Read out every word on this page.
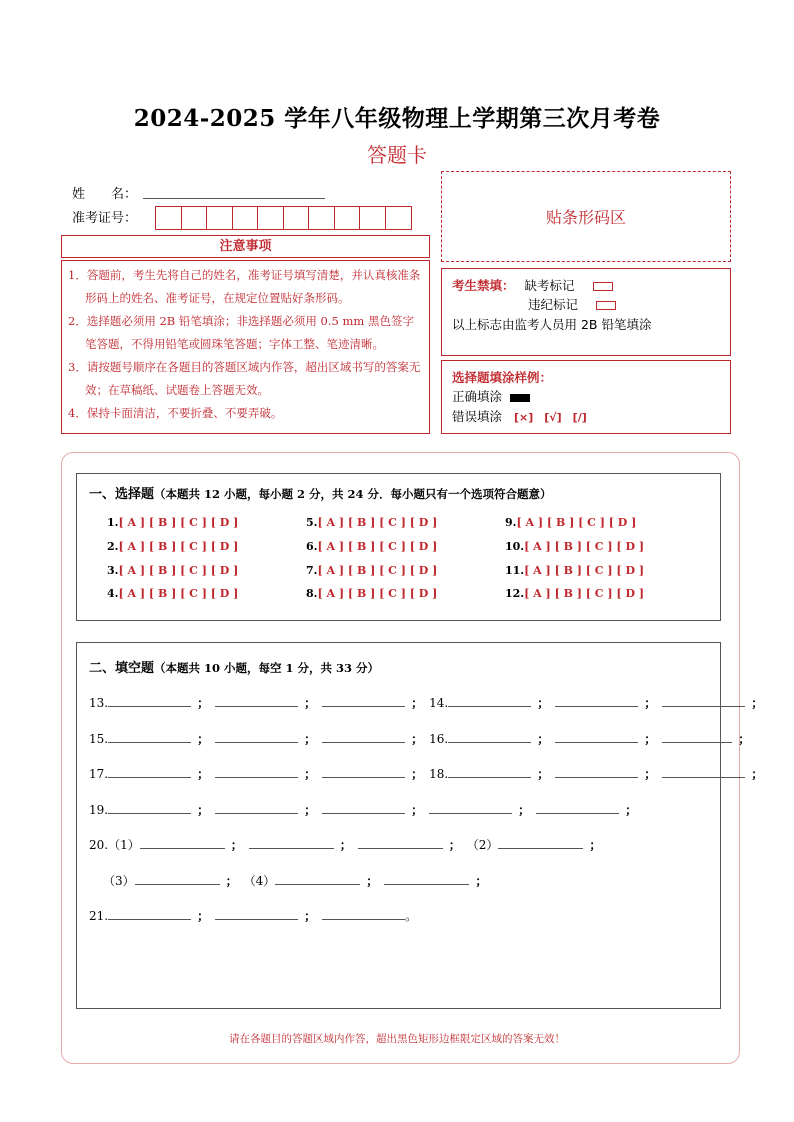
2024-2025 学年八年级物理上学期第三次月考卷
答题卡
姓　　名：
准考证号：	贴条形码区
注意事项

1．答题前，考生先将自己的姓名，准考证号填写清楚，并认真核准条形码上的姓名、准考证号，在规定位置贴好条形码。

2．选择题必须用 2B 铅笔填涂；非选择题必须用 0.5 mm 黑色签字笔答题，不得用铅笔或圆珠笔答题；字体工整、笔迹清晰。

3．请按题号顺序在各题目的答题区域内作答，超出区域书写的答案无效；在草稿纸、试题卷上答题无效。

4．保持卡面清洁，不要折叠、不要弄破。

考生禁填： 缺考标记
违纪标记
以上标志由监考人员用 2B 铅笔填涂
选择题填涂样例：
正确填涂
错误填涂 [×]　[√]　[/]
一、选择题（本题共 12 小题，每小题 2 分，共 24 分．每小题只有一个选项符合题意）
1.[ A ] [ B ] [ C ] [ D ]
2.[ A ] [ B ] [ C ] [ D ]
3.[ A ] [ B ] [ C ] [ D ]
4.[ A ] [ B ] [ C ] [ D ]
5.[ A ] [ B ] [ C ] [ D ]
6.[ A ] [ B ] [ C ] [ D ]
7.[ A ] [ B ] [ C ] [ D ]
8.[ A ] [ B ] [ C ] [ D ]
9.[ A ] [ B ] [ C ] [ D ]
10.[ A ] [ B ] [ C ] [ D ]
11.[ A ] [ B ] [ C ] [ D ]
12.[ A ] [ B ] [ C ] [ D ]
二、填空题（本题共 10 小题，每空 1 分，共 33 分）
13.	；	；	； 14.	；	；	；
15.	；	；	； 16.	；	；	；
17.	；	；	； 18.	；	；	；
19.	；	；	；	；	；
20.（1）	；	；	； （2）	；
（3）	； （4）	；	；
21.	；	；	。
请在各题目的答题区域内作答，超出黑色矩形边框限定区域的答案无效！
